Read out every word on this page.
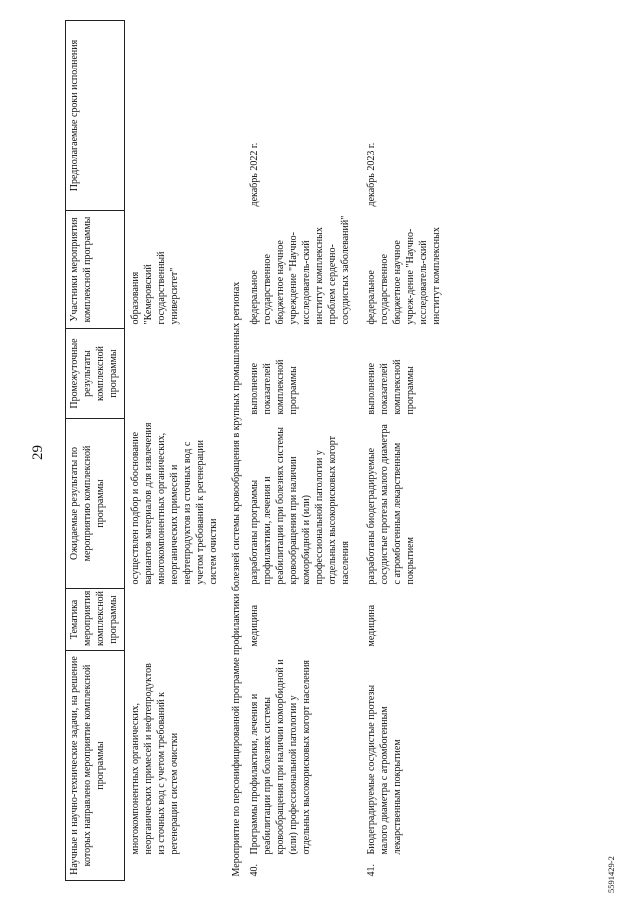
29
Научные и научно-технические задачи, на решение которых направлено мероприятие комплексной программы		Тематика мероприятия комплексной программы	Ожидаемые результаты по мероприятию комплексной программы	Промежуточные результаты комплексной программы	Участники мероприятия комплексной программы	Предполагаемые сроки исполнения
	многокомпонентных органических, неорганических примесей и нефтепродуктов из сточных вод с учетом требований к регенерации систем очистки		осуществлен подбор и обоснование вариантов материалов для извлечения многокомпонентных органических, неорганических примесей и нефтепродуктов из сточных вод с учетом требований к регенерации систем очистки		образования "Кемеровский государственный университет"	
Мероприятие по персонифицированной программе профилактики болезней системы кровообращения в крупных промышленных регионах						
40.	Программы профилактики, лечения и реабилитации при болезнях системы кровообращения при наличии коморбидной и (или) профессиональной патологии у отдельных высокорисковых когорт населения	медицина	разработаны программы профилактики, лечения и реабилитации при болезнях системы кровообращения при наличии коморбидной и (или) профессиональной патологии у отдельных высокорисковых когорт населения	выполнение показателей комплексной программы	федеральное государственное бюджетное научное учреждение "Научно-исследователь-ский институт комплексных проблем сердечно-сосудистых заболеваний"	декабрь 2022 г.
41.	Биодеградируемые сосудистые протезы малого диаметра с атромбогенным лекарственным покрытием	медицина	разработаны биодеградируемые сосудистые протезы малого диаметра с атромбогенным лекарственным покрытием	выполнение показателей комплексной программы	федеральное государственное бюджетное научное учреж-дение "Научно-исследователь-ский институт комплексных	декабрь 2023 г.
5591429-2
